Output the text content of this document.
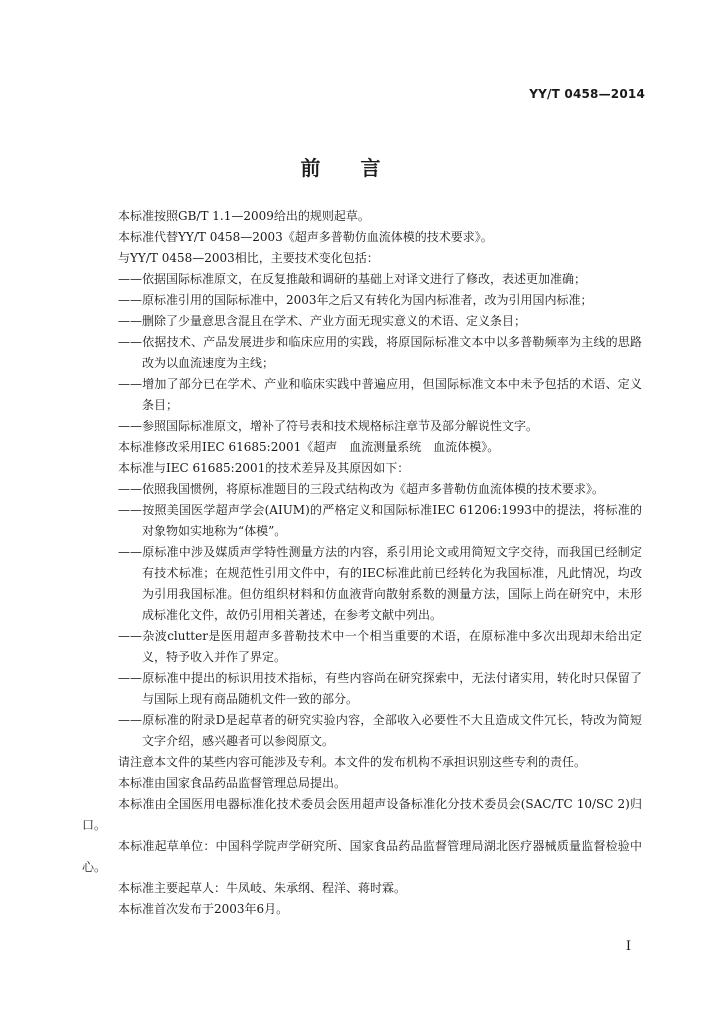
YY/T 0458—2014
前言

本标准按照GB/T 1.1—2009给出的规则起草。

本标准代替YY/T 0458—2003《超声多普勒仿血流体模的技术要求》。

与YY/T 0458—2003相比，主要技术变化包括：

——依据国际标准原文，在反复推敲和调研的基础上对译文进行了修改，表述更加准确；

——原标准引用的国际标准中，2003年之后又有转化为国内标准者，改为引用国内标准；

——删除了少量意思含混且在学术、产业方面无现实意义的术语、定义条目；

——依据技术、产品发展进步和临床应用的实践，将原国际标准文本中以多普勒频率为主线的思路改为以血流速度为主线；

——增加了部分已在学术、产业和临床实践中普遍应用，但国际标准文本中未予包括的术语、定义条目；

——参照国际标准原文，增补了符号表和技术规格标注章节及部分解说性文字。

本标准修改采用IEC 61685:2001《超声　血流测量系统　血流体模》。

本标准与IEC 61685:2001的技术差异及其原因如下：

——依照我国惯例，将原标准题目的三段式结构改为《超声多普勒仿血流体模的技术要求》。

——按照美国医学超声学会(AIUM)的严格定义和国际标准IEC 61206:1993中的提法，将标准的对象物如实地称为“体模”。

——原标准中涉及媒质声学特性测量方法的内容，系引用论文或用简短文字交待，而我国已经制定有技术标准；在规范性引用文件中，有的IEC标准此前已经转化为我国标准，凡此情况，均改为引用我国标准。但仿组织材料和仿血液背向散射系数的测量方法，国际上尚在研究中，未形成标准化文件，故仍引用相关著述，在参考文献中列出。

——杂波clutter是医用超声多普勒技术中一个相当重要的术语，在原标准中多次出现却未给出定义，特予收入并作了界定。

——原标准中提出的标识用技术指标，有些内容尚在研究探索中，无法付诸实用，转化时只保留了与国际上现有商品随机文件一致的部分。

——原标准的附录D是起草者的研究实验内容，全部收入必要性不大且造成文件冗长，特改为简短文字介绍，感兴趣者可以参阅原文。

请注意本文件的某些内容可能涉及专利。本文件的发布机构不承担识别这些专利的责任。

本标准由国家食品药品监督管理总局提出。

本标准由全国医用电器标准化技术委员会医用超声设备标准化分技术委员会(SAC/TC 10/SC 2)归口。

本标准起草单位：中国科学院声学研究所、国家食品药品监督管理局湖北医疗器械质量监督检验中心。

本标准主要起草人：牛凤岐、朱承纲、程洋、蒋时霖。

本标准首次发布于2003年6月。

I
